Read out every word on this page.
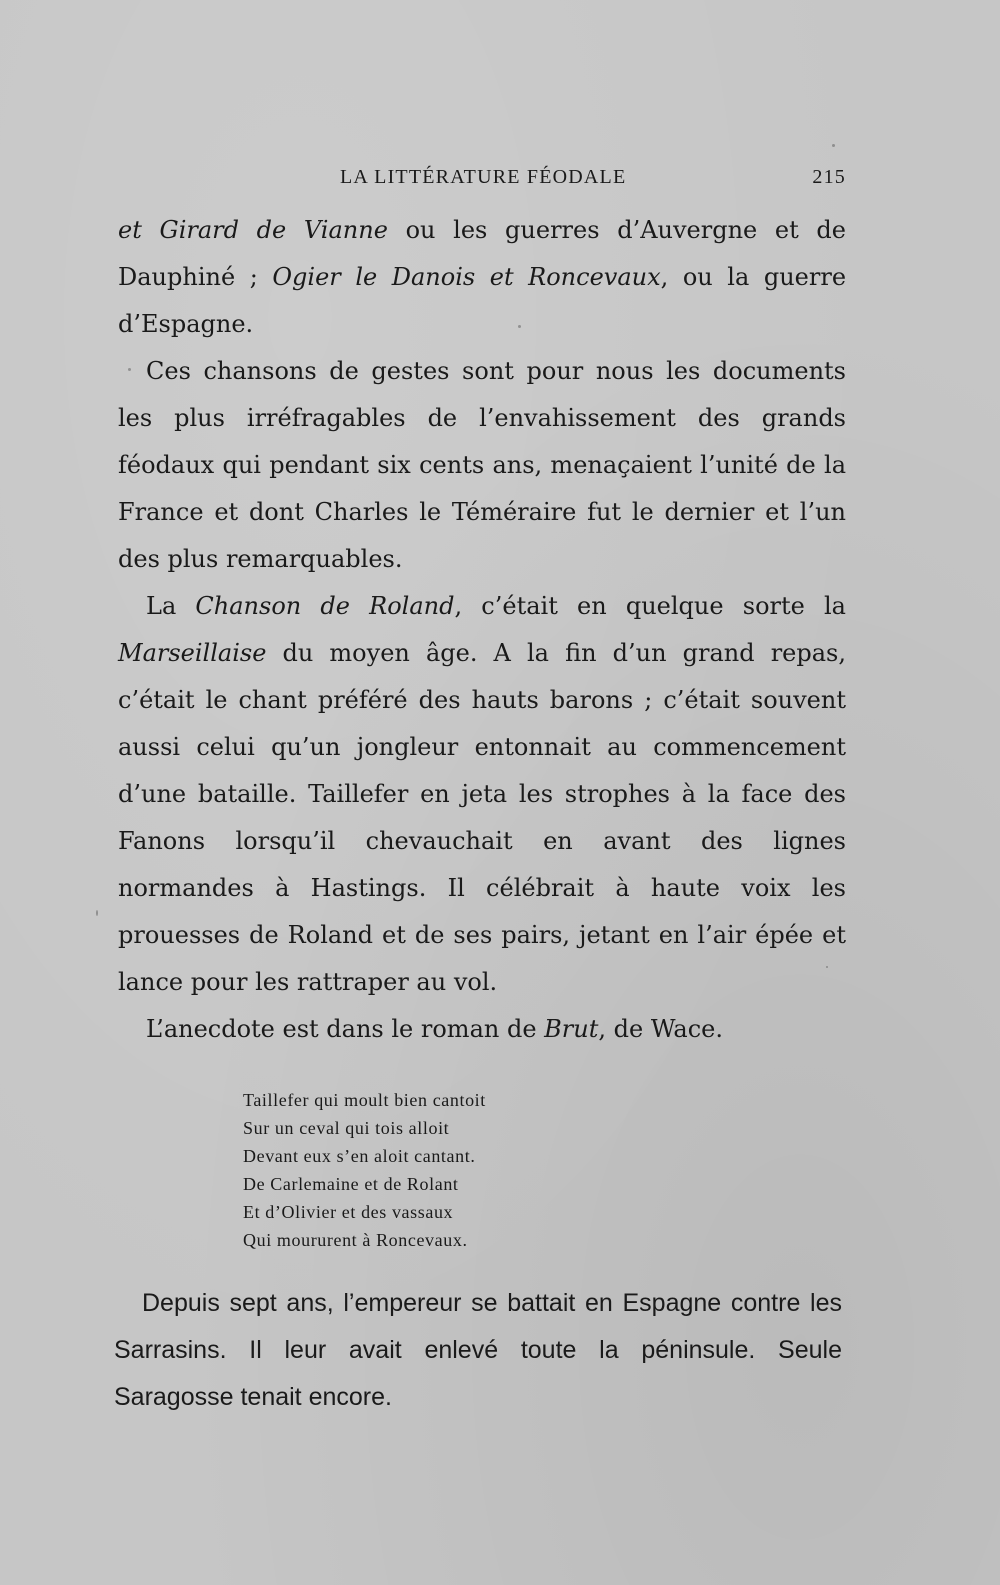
LA LITTÉRATURE FÉODALE	215

et Girard de Vianne ou les guerres d’Auvergne et de Dauphiné ; Ogier le Danois et Roncevaux, ou la guerre d’Espagne.

Ces chansons de gestes sont pour nous les documents les plus irréfragables de l’envahissement des grands féodaux qui pendant six cents ans, menaçaient l’unité de la France et dont Charles le Téméraire fut le dernier et l’un des plus remarquables.

La Chanson de Roland, c’était en quelque sorte la Marseillaise du moyen âge. A la fin d’un grand repas, c’était le chant préféré des hauts barons ; c’était souvent aussi celui qu’un jongleur entonnait au commencement d’une bataille. Taillefer en jeta les strophes à la face des Fanons lorsqu’il chevauchait en avant des lignes normandes à Hastings. Il célébrait à haute voix les prouesses de Roland et de ses pairs, jetant en l’air épée et lance pour les rattraper au vol.

L’anecdote est dans le roman de Brut, de Wace.

Taillefer qui moult bien cantoit
Sur un ceval qui tois alloit
Devant eux s’en aloit cantant.
De Carlemaine et de Rolant
Et d’Olivier et des vassaux
Qui moururent à Roncevaux.

Depuis sept ans, l’empereur se battait en Espagne contre les Sarrasins. Il leur avait enlevé toute la péninsule. Seule Saragosse tenait encore.
